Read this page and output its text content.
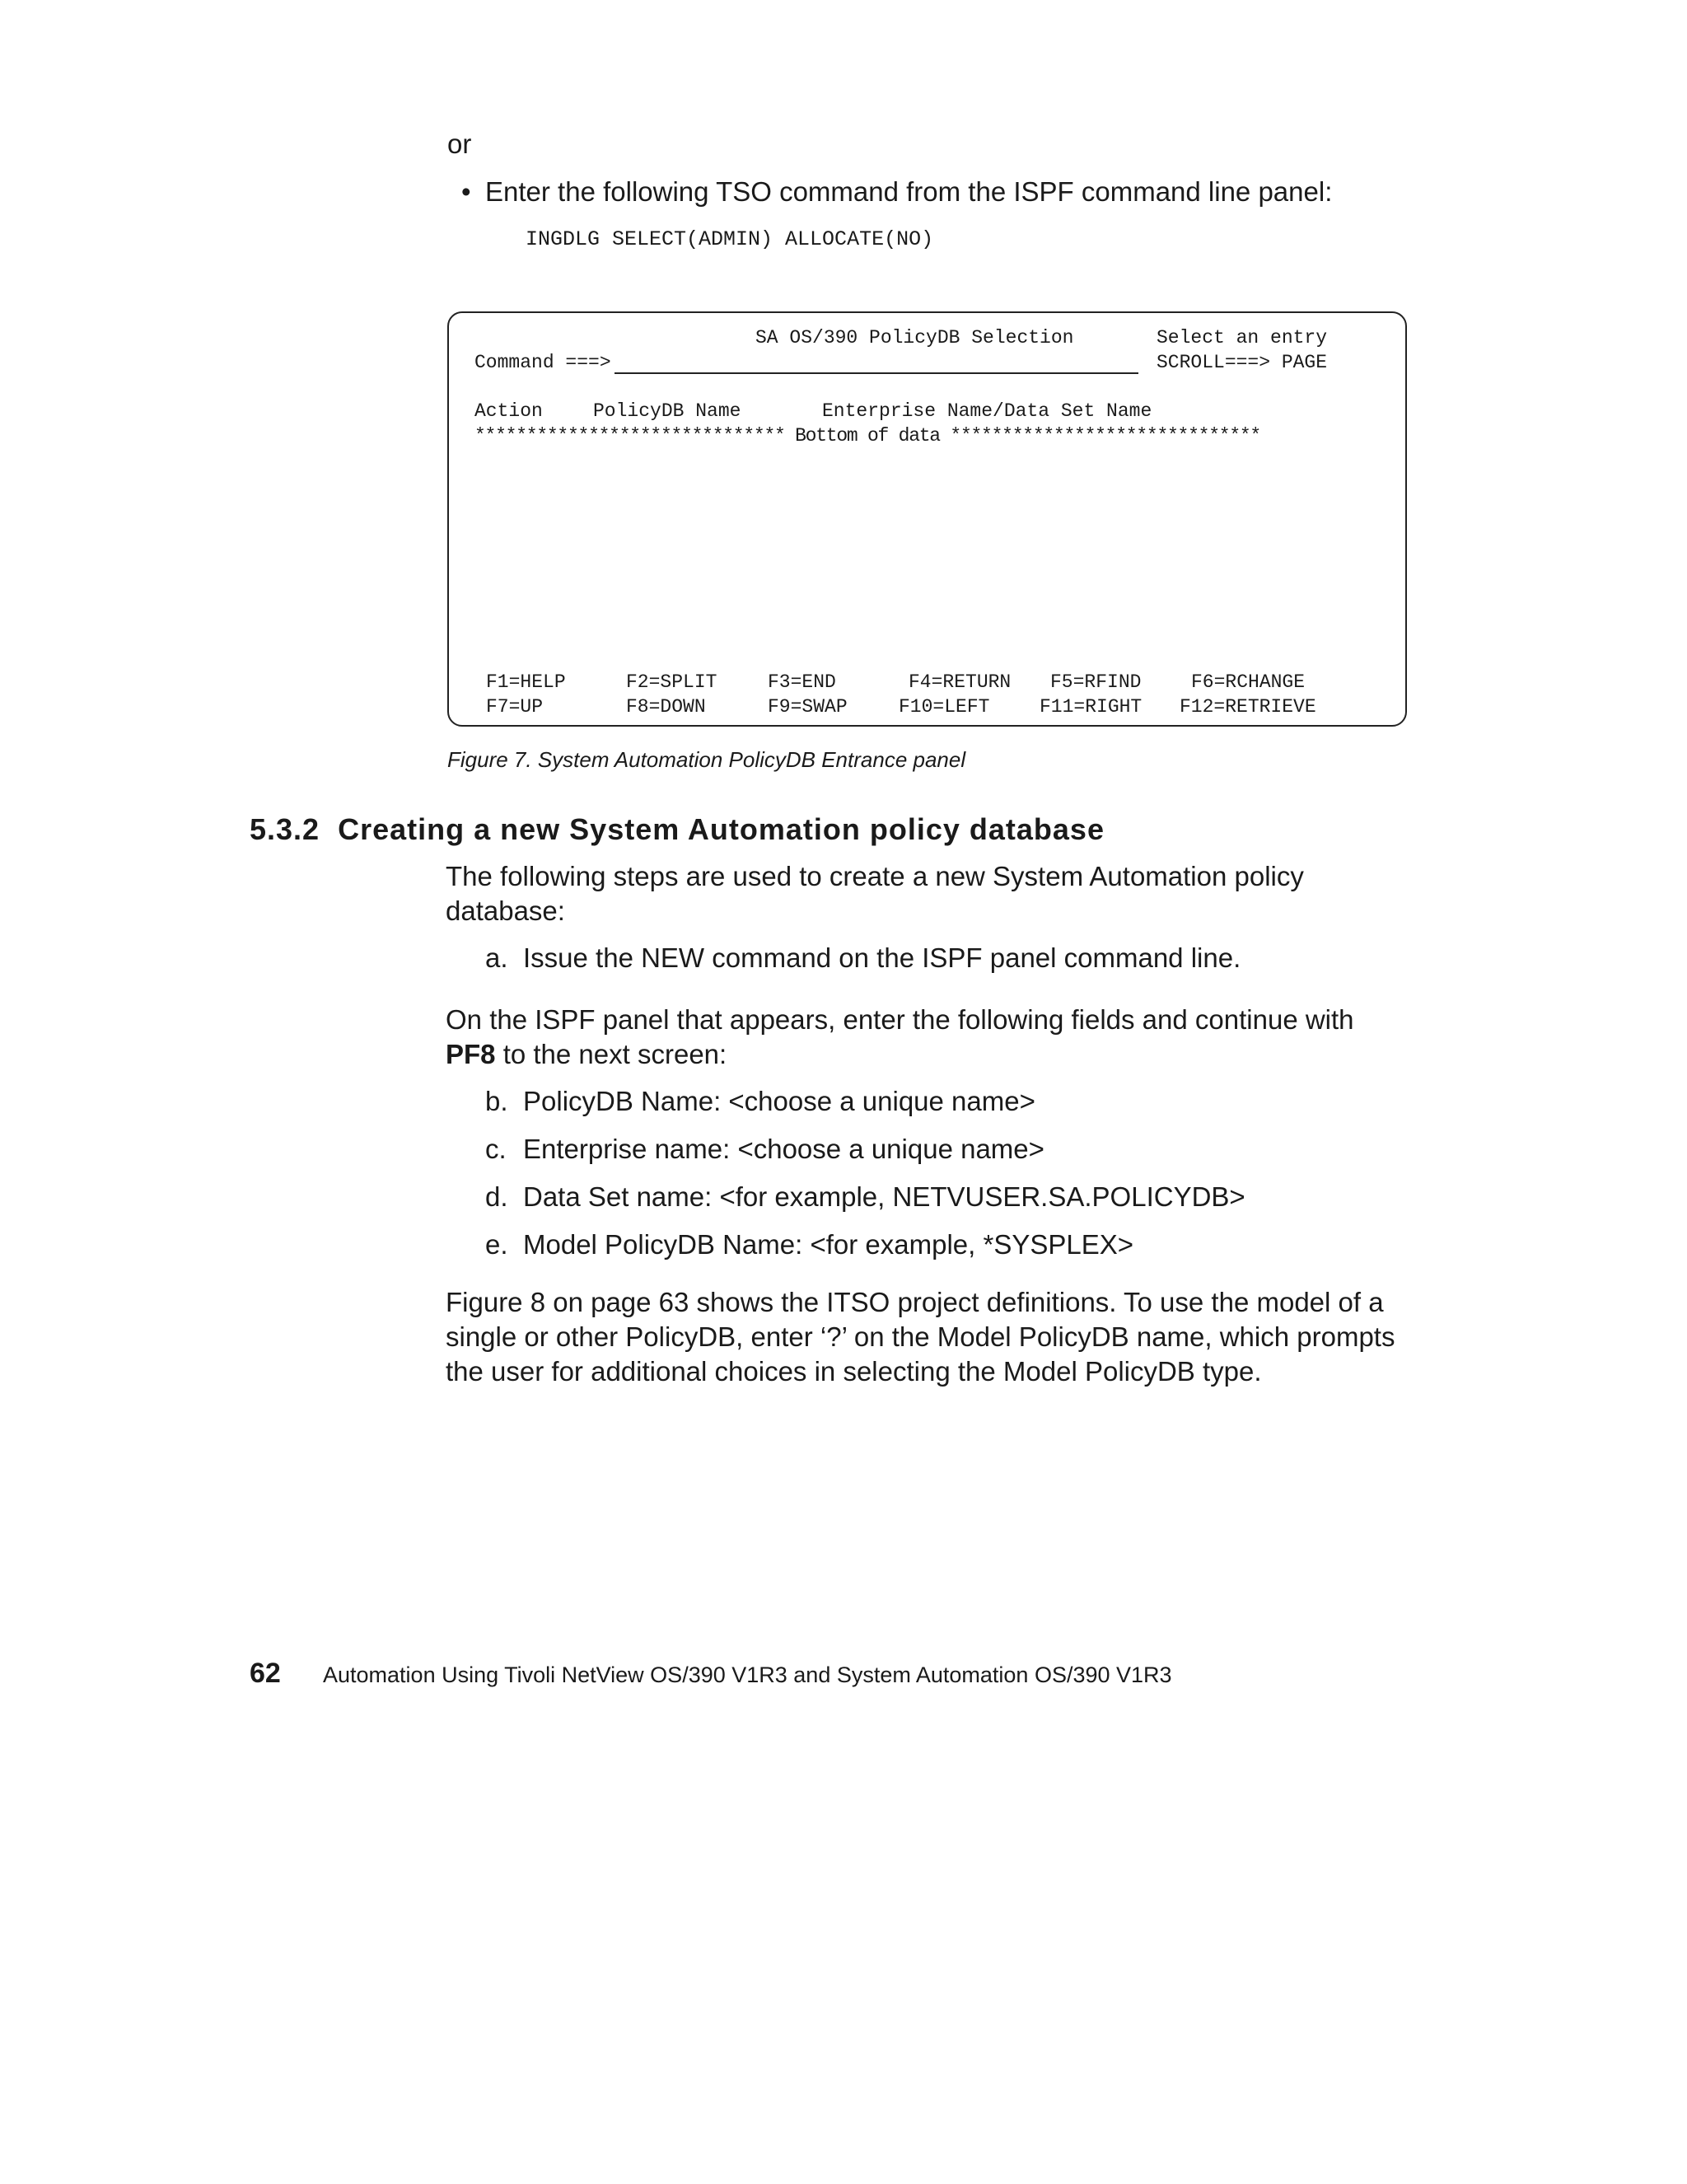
or
• Enter the following TSO command from the ISPF command line panel:
INGDLG SELECT(ADMIN) ALLOCATE(NO)
SA OS/390 PolicyDB Selection	Select an entry
Command ===>	SCROLL===> PAGE
Action	PolicyDB Name	Enterprise Name/Data Set Name
****************************** Bottom of data ******************************
F1=HELP	F2=SPLIT	F3=END	F4=RETURN F5=RFIND	F6=RCHANGE
F7=UP	F8=DOWN	F9=SWAP	F10=LEFT	F11=RIGHT F12=RETRIEVE
Figure 7. System Automation PolicyDB Entrance panel
5.3.2 Creating a new System Automation policy database
The following steps are used to create a new System Automation policy database:
a. Issue the NEW command on the ISPF panel command line.
On the ISPF panel that appears, enter the following fields and continue with
PF8 to the next screen:
b. PolicyDB Name: <choose a unique name>
c. Enterprise name: <choose a unique name>
d. Data Set name: <for example, NETVUSER.SA.POLICYDB>
e. Model PolicyDB Name: <for example, *SYSPLEX>
Figure 8 on page 63 shows the ITSO project definitions. To use the model of a single or other PolicyDB, enter ‘?’ on the Model PolicyDB name, which prompts the user for additional choices in selecting the Model PolicyDB type.
62 Automation Using Tivoli NetView OS/390 V1R3 and System Automation OS/390 V1R3
